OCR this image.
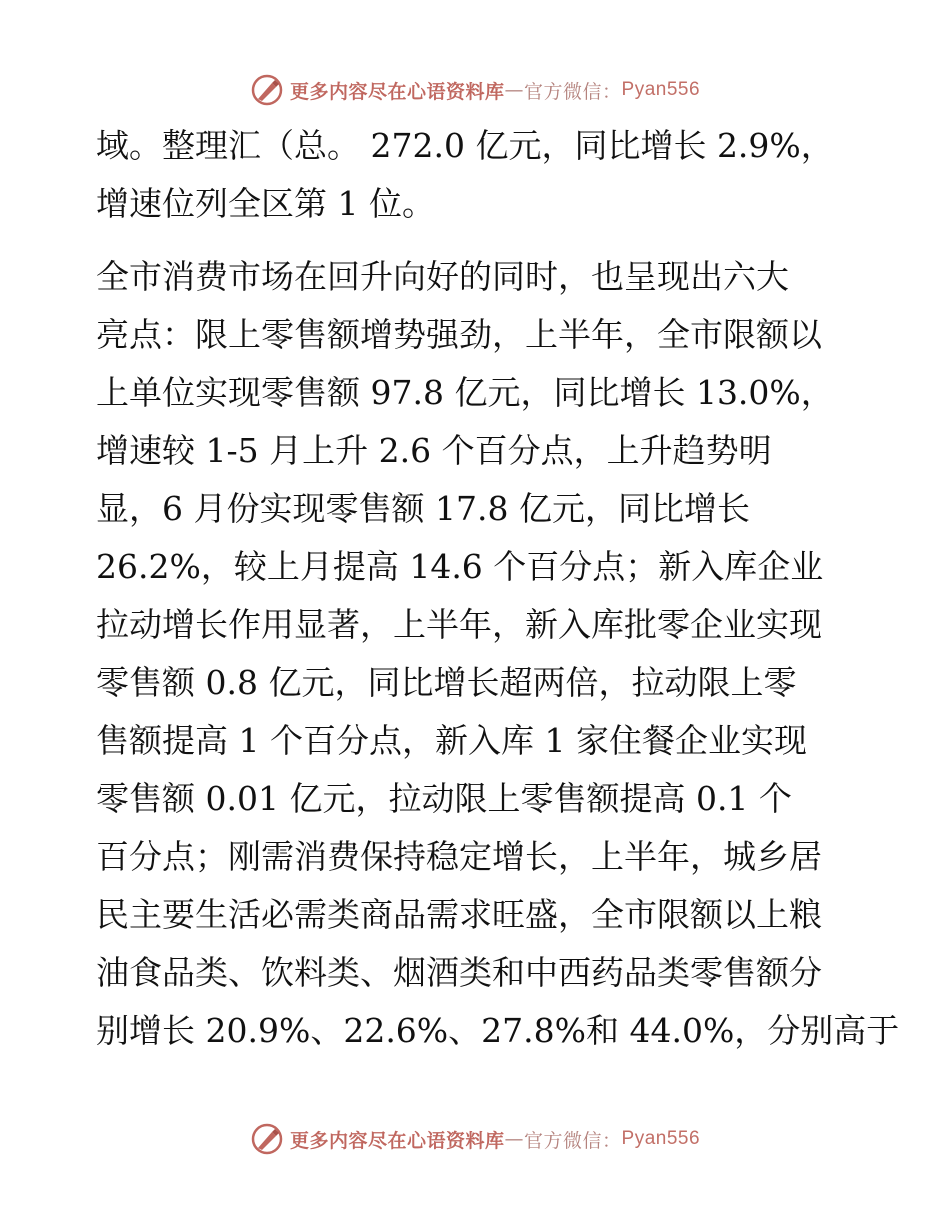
更多内容尽在心语资料库 — 官方微信 ： Pyan556
域。整理汇（总。 272.0 亿元，同比增长 2.9%，
增速位列全区第 1 位。
全市消费市场在回升向好的同时，也呈现出六大
亮点：限上零售额增势强劲，上半年，全市限额以
上单位实现零售额 97.8 亿元，同比增长 13.0%，
增速较 1-5 月上升 2.6 个百分点，上升趋势明
显，6 月份实现零售额 17.8 亿元，同比增长
26.2%，较上月提高 14.6 个百分点；新入库企业
拉动增长作用显著，上半年，新入库批零企业实现
零售额 0.8 亿元，同比增长超两倍，拉动限上零
售额提高 1 个百分点，新入库 1 家住餐企业实现
零售额 0.01 亿元，拉动限上零售额提高 0.1 个
百分点；刚需消费保持稳定增长，上半年，城乡居
民主要生活必需类商品需求旺盛，全市限额以上粮
油食品类、饮料类、烟酒类和中西药品类零售额分
别增长 20.9%、22.6%、27.8%和 44.0%，分别高于
更多内容尽在心语资料库 — 官方微信 ： Pyan556
